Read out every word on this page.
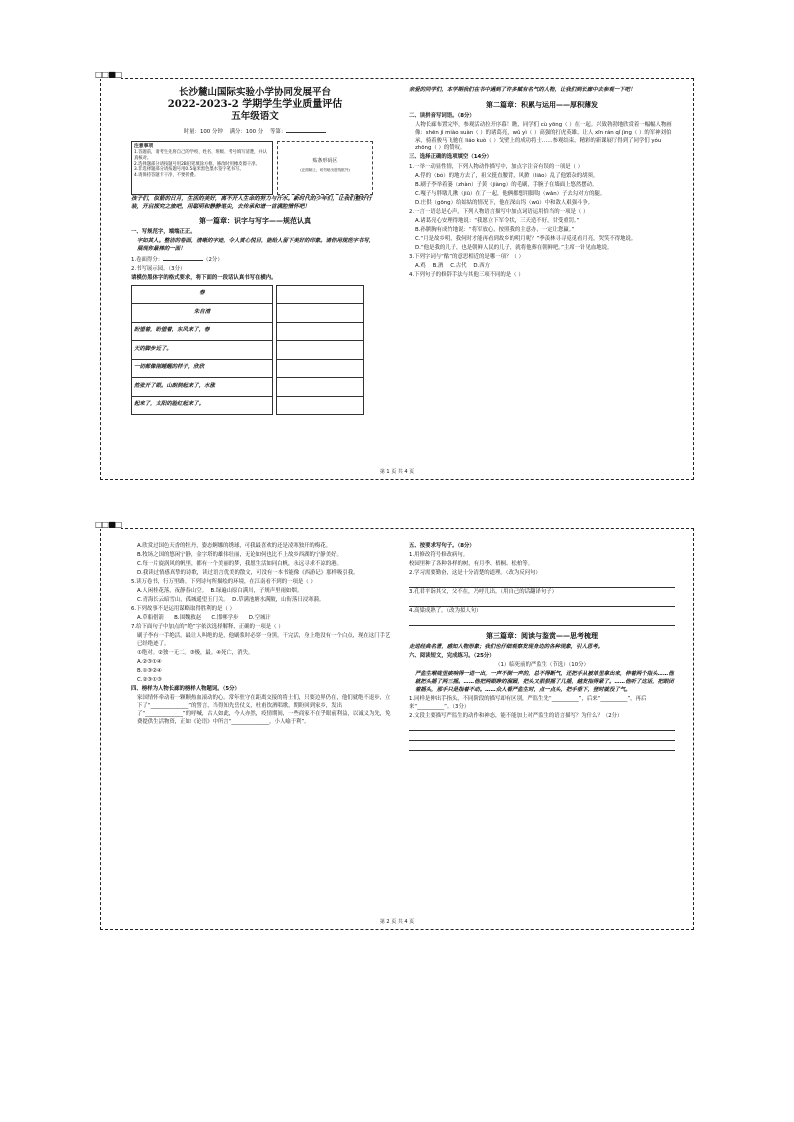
□□■□
长沙麓山国际实验小学协同发展平台
2022-2023-2 学期学生学业质量评估
五年级语文
时量：100 分钟 满分：100 分 等第：
注意事项
1.答题前，请考生先将自己的学校、姓名、班级、考号填写清楚，并认真核对。
2.选择题部分请按题号用2B铅笔填涂方框，修改时用橡皮擦干净。
3.非选择题部分请按题号用0.5毫米黑色墨水签字笔书写。
4.请保持答题卡干净，不要折叠。
贴条形码区
(正面朝上，切勿贴出虚线框外)

孩子们，似箭的日月，生活的美好，离不开人生命的努力与汗水。新时代的少年们，让我们整好行装，开启探究之旅吧，用聪明和静静笔尖，去传承和谱一首满腔情怀吧！

第一篇章：识字与写字——规范认真

一、写规范字，端端正正。

字如其人。整洁的卷面，清晰的字迹，令人赏心悦目，能给人留下美好的印象。请你用规范字书写，展现你最棒的一面！

1.卷面得分：	（2分）

2.书写展示园。（3分）

请模仿黑体字的格式要求，将下面的一段话认真书写在横内。

春
朱自清
盼望着，盼望着，东风来了，春
天的脚步近了。
一切都像刚睡醒的样子，欣欣
然张开了眼。山朗润起来了，水涨
起来了，太阳的脸红起来了。

亲爱的同学们，本学期我们在书中遇到了许多赋有名气的人物，让我们到长廊中去参观一下吧！

第二篇章：积累与运用——厚积薄发

二、读拼音写词语。（8分）

人物长廊布置完毕，参观活动拉开序幕！瞧，同学们 cù yōng（ ）在一起。兴致勃勃地欣赏着一幅幅人物画像：shēn jì miào suàn（ ）的诸葛亮，wǔ yì（ ）高强的打虎英雄，让人 xīn rán qǐ jìng（ ）的军神刘伯承，骑着骏马飞驰在 liáo kuò（ ）戈壁上的成功将士……参观结束，精彩的新课展厅得到了同学们 yóu zhōng（ ）的赞叹。

三、选择正确的选项填空（14分）

1.一举一动显性情，下列人物动作描写中，加点字注音有误的一项是（ ）

A.俘的（bó）的地方去了，祖父挺直腰背，风掀（liāo）乱了他繁杂的胡须。

B.刷子李举着篓（zhàn）子黄（jiàng）的毛刷，手腕子在墙面上悠然摆动。

C.嘎子与胖墩儿揪（jiū）在了一起，他俩都想用脚钩（wǎn）子去勾对方的腿。

D.庄供（gōng）给姑姑的情况下，他在深山坞（wū）中和敌人艰强斗争。

2.一言一语总是心声，下列人物语言描写中加点词语运用恰当的一项是（ ）

A.诸葛亮心安理得地说：“我愿立下军令状，三天造不好，甘受重罚。”

B.孙膑胸有成竹地说：“将军放心，按照我的主意办，一定让您赢。”

C.“月是故乡明，我何时才能再看到故乡的明月呢？”季羡林寻寻觅觅看月亮，哭笑不得地说。

D.“他是我的儿子，也是朝鲜人民的儿子，就将他葬在朝鲜吧。”主席一针见血地说。

3.下列字词与“酤”的意思相近的是哪一项？（ ）

A.鸡 B.酒 C.古代 D.西方

4.下列句子的修辞手法与其他三项不同的是（ ）

第 1 页 共 4 页
□□■□

A.欣赏过国色天香的牡丹，姿态婀娜的绣球，可我最喜欢的还是凌寒独开的梅花。

B.牧场之国的悠闲宁静，金字塔的雄伟壮丽，无论如何也比不上故乡西湖的宁静美好。

C.每一片旋涡风的帆里，都有一个美丽的梦，我愿生活如同白帆，永远寻求不凉的港。

D.我读过情感真挚的诗歌，读过语言优美的散文，可没有一本书能像《西游记》那样吸引我。

5.读万卷书，行万里路。下列诗句所描绘的环境，在江南看不到的一项是（ ）

A.人闲桂花落，夜静春山空。 B.绿遍山原白满川，子规声里雨如烟。

C.青海长云暗雪山，孤城遥望玉门关。 D.草满池塘水满陂，山衔落日浸寒漪。

6.下列故事不是运用谋略取得胜利的是（ ）

A.草船借箭 B.围魏救赵 C.邯郸学步 D.空城计

7.给下面句子中加点的“绝”字依次选择解释，正确的一项是（ ）

刷子李有一手绝活，最让人叫绝的是，他刷浆时必穿一身黑，干完活，身上绝没有一个白点，现在这门手艺已经绝迹了。

①绝对。②独一无二。③极，最。④死亡，消失。

A.②③①④

B.①③②④

C.②③①③

四、榜样为人物长廊的榜样人物题词。（5分）

家国情怀牵动着一颗颗热血滚动的心。常年驻守在距离交接的将士们，只要边界仍在，他们就绝不退步，立下了“______________”的誓言，当得知先岳仗义，杜甫饮酒唱歌，期盼回到家乡，发出了“______________”的呼喊，古人如此，今人亦然，疫情期间，一些商家不在乎眼前利益，以诚义为先，免费提供生活物资，正如《论语》中所言“______________，小人喻于利”。

五、按要求写句子。（8分）

1.用修改符号修改病句。

校园里种了各种各样的树，有月季、梧桐、松柏等。

2.学习需要勤奋，这是十分清楚的道理。（改为反问句）

3.孔君平诣其父，父不在，乃呼儿出。（用自己的话翻译句子）

4.高粱成熟了。（改为拟人句）

第三篇章：阅读与鉴赏——思考梳理

走进经典名著，感知人物形象；我们也仔细观察发现身边的各种现象，引人思考。

六、阅读短文，完成练习。（25分）

（1）临死前的严监生（节选）（10分）

严监生喉咙里痰响得一进一出，一声不倒一声的，总不得断气，还把手从被单里拿出来，伸着两个指头……他就把头摇了两三摇。……他把两眼睁的溜圆，把头又狠狠摇了几摇，越发指得紧了。……他听了这话，把眼闭着摇头，那手只是指着不动。……众人看严监生时，点一点头，把手垂下，登时就没了气。

1.同样是伸出手指头，不同阶段的描写却有区别，严监生先“__________”，后来“__________”，再后来“__________”。（3分）

2.文段主要描写严监生的动作和神态，能不能加上对严监生的语言描写？为什么？（2分）

第 2 页 共 4 页
